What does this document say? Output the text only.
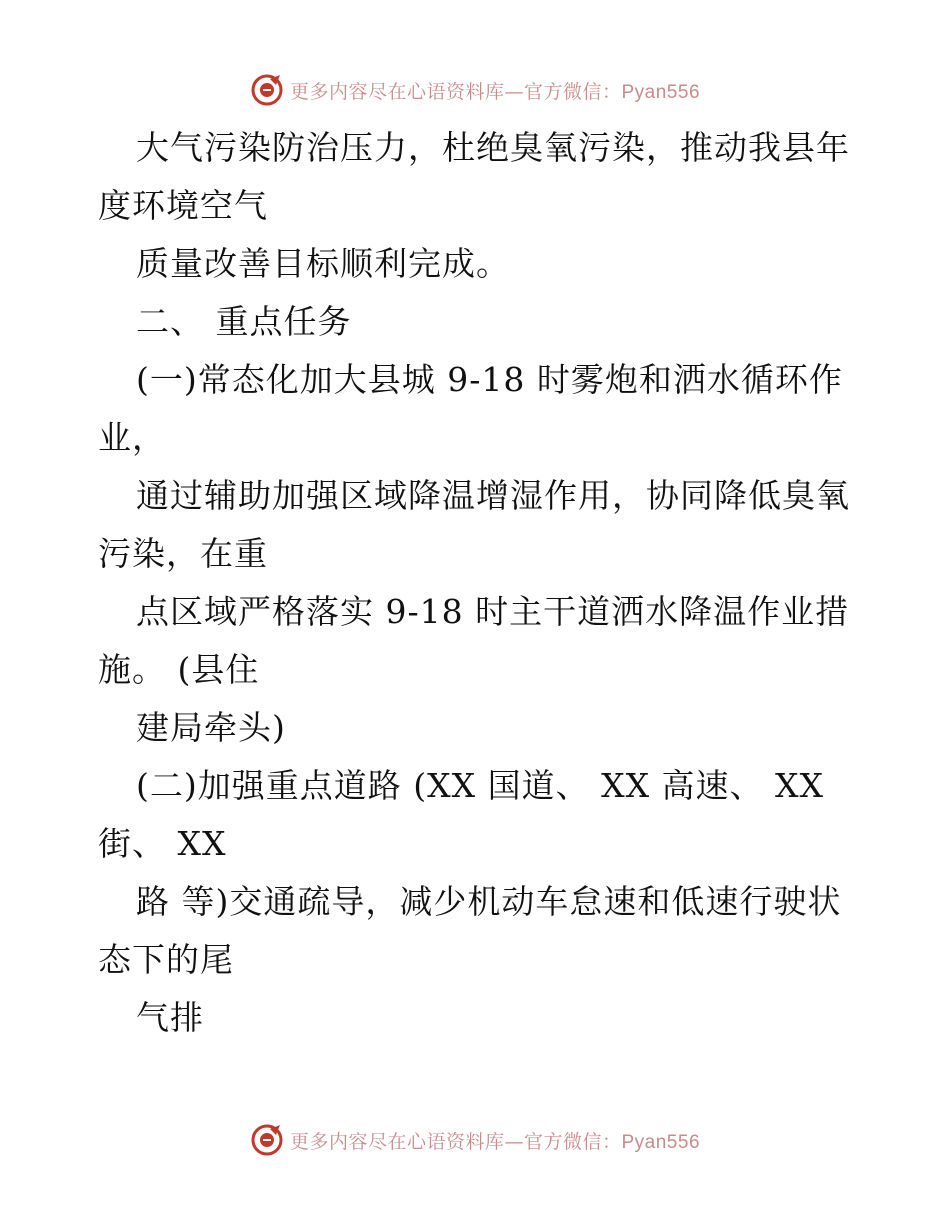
更多内容尽在心语资料库—官方微信：Pyan556
大气污染防治压力，杜绝臭氧污染，推动我县年
度环境空气
质量改善目标顺利完成。
二、 重点任务
(一)常态化加大县城 9-18 时雾炮和洒水循环作
业，
通过辅助加强区域降温增湿作用，协同降低臭氧
污染，在重
点区域严格落实 9-18 时主干道洒水降温作业措
施。 (县住
建局牵头)
(二)加强重点道路 (XX 国道、 XX 高速、 XX
街、 XX
路 等)交通疏导，减少机动车怠速和低速行驶状
态下的尾
气排
更多内容尽在心语资料库—官方微信：Pyan556
